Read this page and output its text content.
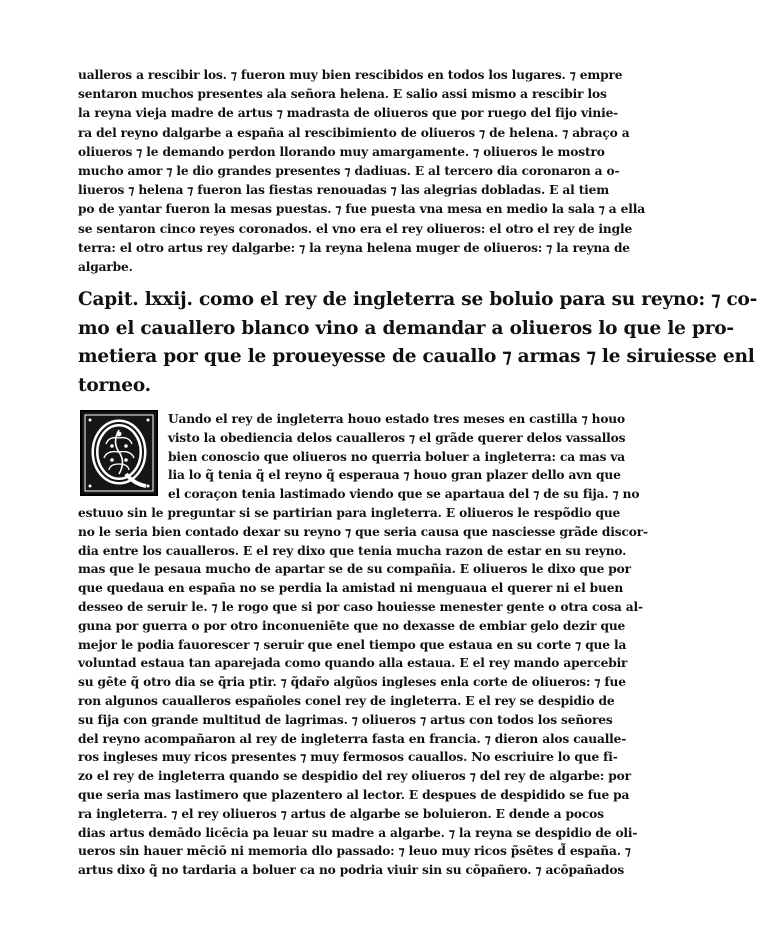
ualleros a rescibir los. ⁊ fueron muy bien rescibidos en todos los lugares. ⁊ empre
sentaron muchos presentes ala señora helena. E salio assi mismo a rescibir los
la reyna vieja madre de artus ⁊ madrasta de oliueros que por ruego del fijo vinie-
ra del reyno dalgarbe a españa al rescibimiento de oliueros ⁊ de helena. ⁊ abraço a
oliueros ⁊ le demando perdon llorando muy amargamente. ⁊ oliueros le mostro
mucho amor ⁊ le dio grandes presentes ⁊ dadiuas. E al tercero dia coronaron a o-
liueros ⁊ helena ⁊ fueron las fiestas renouadas ⁊ las alegrias dobladas. E al tiem
po de yantar fueron la mesas puestas. ⁊ fue puesta vna mesa en medio la sala ⁊ a ella
se sentaron cinco reyes coronados. el vno era el rey oliueros: el otro el rey de ingle
terra: el otro artus rey dalgarbe: ⁊ la reyna helena muger de oliueros: ⁊ la reyna de
algarbe.
Capit. lxxij. como el rey de ingleterra se boluio para su reyno: ⁊ co-
mo el cauallero blanco vino a demandar a oliueros lo que le pro-
metiera por que le proueyesse de cauallo ⁊ armas ⁊ le siruiesse enl
torneo.
Uando el rey de ingleterra houo estado tres meses en castilla ⁊ houo
visto la obediencia delos caualleros ⁊ el grãde querer delos vassallos
bien conoscio que oliueros no querria boluer a ingleterra: ca mas va
lia lo q̃ tenia q̃ el reyno q̃ esperaua ⁊ houo gran plazer dello avn que
el coraçon tenia lastimado viendo que se apartaua del ⁊ de su fija. ⁊ no
estuuo sin le preguntar si se partirian para ingleterra. E oliueros le respõdio que
no le seria bien contado dexar su reyno ⁊ que seria causa que nasciesse grãde discor-
dia entre los caualleros. E el rey dixo que tenia mucha razon de estar en su reyno.
mas que le pesaua mucho de apartar se de su compañia. E oliueros le dixo que por
que quedaua en españa no se perdia la amistad ni menguaua el querer ni el buen
desseo de seruir le. ⁊ le rogo que si por caso houiesse menester gente o otra cosa al-
guna por guerra o por otro inconueniēte que no dexasse de embiar gelo dezir que
mejor le podia fauorescer ⁊ seruir que enel tiempo que estaua en su corte ⁊ que la
voluntad estaua tan aparejada como quando alla estaua. E el rey mando apercebir
su gēte q̃ otro dia se q̃ria ptir. ⁊ q̃dar̃o algũos ingleses enla corte de oliueros: ⁊ fue
ron algunos caualleros españoles conel rey de ingleterra. E el rey se despidio de
su fija con grande multitud de lagrimas. ⁊ oliueros ⁊ artus con todos los señores
del reyno acompañaron al rey de ingleterra fasta en francia. ⁊ dieron alos caualle-
ros ingleses muy ricos presentes ⁊ muy fermosos cauallos. No escriuire lo que fi-
zo el rey de ingleterra quando se despidio del rey oliueros ⁊ del rey de algarbe: por
que seria mas lastimero que plazentero al lector. E despues de despidido se fue pa
ra ingleterra. ⁊ el rey oliueros ⁊ artus de algarbe se boluieron. E dende a pocos
dias artus demādo licēcia pa leuar su madre a algarbe. ⁊ la reyna se despidio de oli-
ueros sin hauer mēciō ni memoria dlo passado: ⁊ leuo muy ricos p̃sētes d̃ españa. ⁊
artus dixo q̃ no tardaria a boluer ca no podria viuir sin su cōpañero. ⁊ acōpañados
